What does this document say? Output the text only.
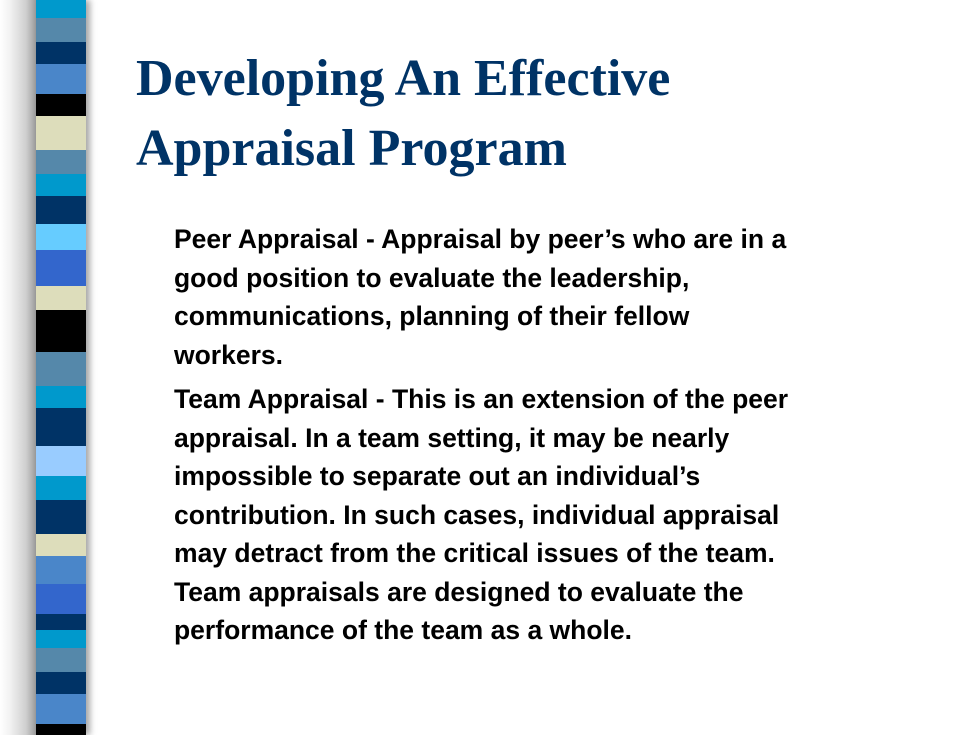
Developing An Effective
Appraisal Program

Peer Appraisal - Appraisal by peer’s who are in a
good position to evaluate the leadership,
communications, planning of their fellow
workers.

Team Appraisal - This is an extension of the peer
appraisal. In a team setting, it may be nearly
impossible to separate out an individual’s
contribution. In such cases, individual appraisal
may detract from the critical issues of the team.
Team appraisals are designed to evaluate the
performance of the team as a whole.
